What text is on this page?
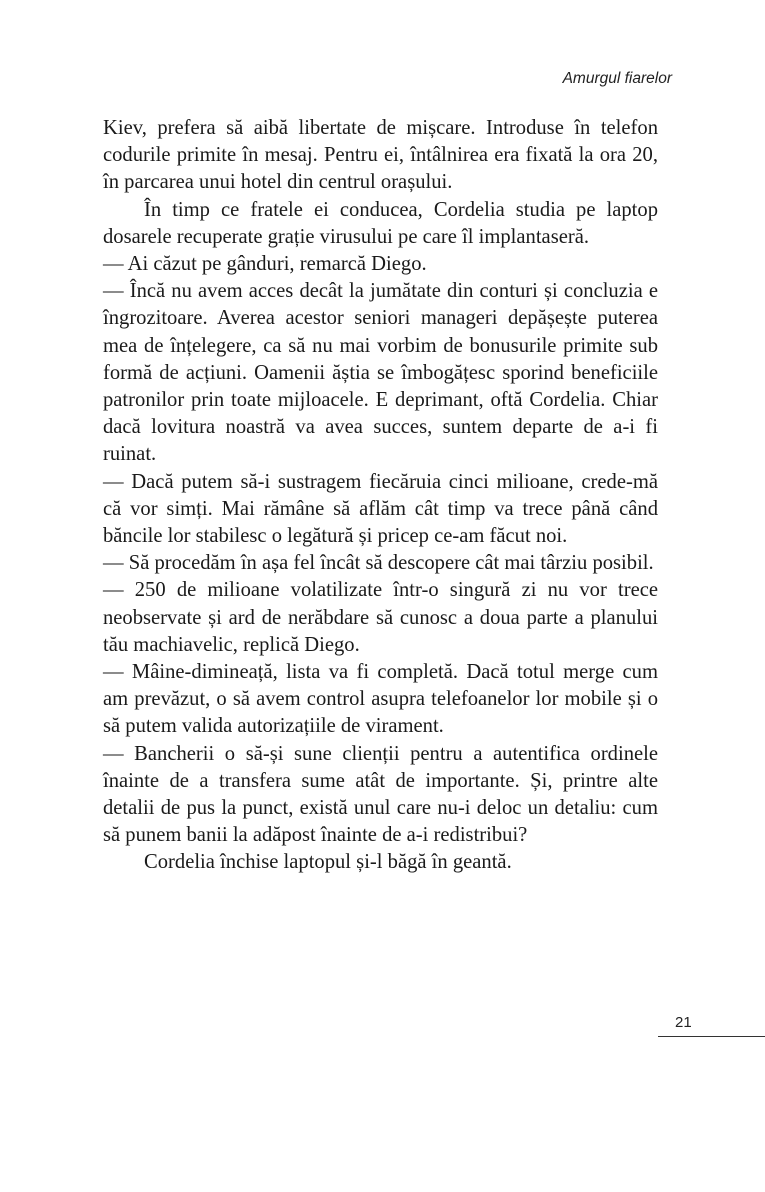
Amurgul fiarelor

Kiev, prefera să aibă libertate de mișcare. Introduse în telefon codurile primite în mesaj. Pentru ei, întâlnirea era fixată la ora 20, în parcarea unui hotel din centrul orașului.

În timp ce fratele ei conducea, Cordelia studia pe laptop dosarele recuperate grație virusului pe care îl implantaseră.

— Ai căzut pe gânduri, remarcă Diego.

— Încă nu avem acces decât la jumătate din conturi și concluzia e îngrozitoare. Averea acestor seniori manageri depășește puterea mea de înțelegere, ca să nu mai vorbim de bonusurile primite sub formă de acțiuni. Oamenii ăștia se îmbogățesc sporind beneficiile patronilor prin toate mijloacele. E deprimant, oftă Cordelia. Chiar dacă lovitura noastră va avea succes, suntem departe de a-i fi ruinat.

— Dacă putem să-i sustragem fiecăruia cinci milioane, crede-mă că vor simți. Mai rămâne să aflăm cât timp va trece până când băncile lor stabilesc o legătură și pricep ce-am făcut noi.

— Să procedăm în așa fel încât să descopere cât mai târziu posibil.

— 250 de milioane volatilizate într-o singură zi nu vor trece neobservate și ard de nerăbdare să cunosc a doua parte a planului tău machiavelic, replică Diego.

— Mâine-dimineață, lista va fi completă. Dacă totul merge cum am prevăzut, o să avem control asupra telefoanelor lor mobile și o să putem valida autorizațiile de virament.

— Bancherii o să-și sune clienții pentru a autentifica ordinele înainte de a transfera sume atât de importante. Și, printre alte detalii de pus la punct, există unul care nu-i deloc un detaliu: cum să punem banii la adăpost înainte de a-i redistribui?

Cordelia închise laptopul și-l băgă în geantă.

21
